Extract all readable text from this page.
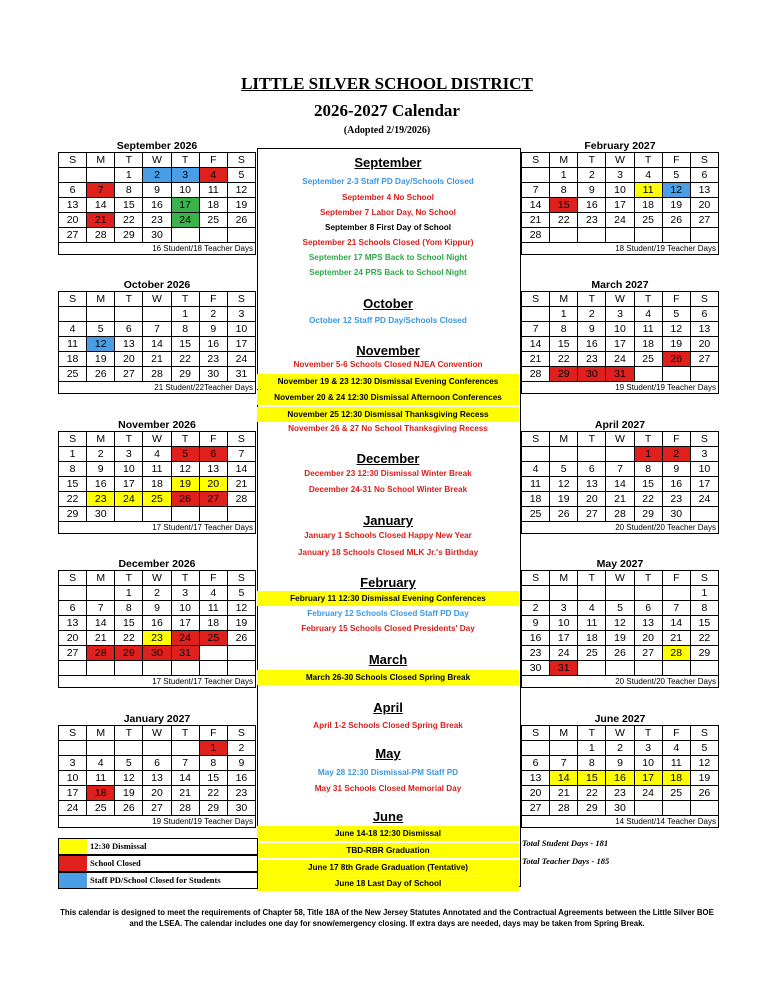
LITTLE SILVER SCHOOL DISTRICT
2026-2027 Calendar
(Adopted 2/19/2026)
September
September 2-3 Staff PD Day/Schools Closed
September 4 No School
September 7 Labor Day, No School
September 8 First Day of School
September 21 Schools Closed (Yom Kippur)
September 17 MPS Back to School Night
September 24 PRS Back to School Night
October
October 12 Staff PD Day/Schools Closed
November
November 5-6 Schools Closed NJEA Convention
November 19 & 23 12:30 Dismissal Evening Conferences
November 20 & 24 12:30 Dismissal Afternoon Conferences
November 25 12:30 Dismissal Thanksgiving Recess
November 26 & 27 No School Thanksgiving Recess
December
December 23 12:30 Dismissal Winter Break
December 24-31 No School Winter Break
January
January 1 Schools Closed Happy New Year
January 18 Schools Closed MLK Jr.'s Birthday
February
February 11 12:30 Dismissal Evening Conferences
February 12 Schools Closed Staff PD Day
February 15 Schools Closed Presidents' Day
March
March 26-30 Schools Closed Spring Break
April
April 1-2 Schools Closed Spring Break
May
May 28 12:30 Dismissal-PM Staff PD
May 31 Schools Closed Memorial Day
June
June 14-18 12:30 Dismissal
TBD-RBR Graduation
June 17 8th Grade Graduation (Tentative)
June 18 Last Day of School
September 2026
S	M	T	W	T	F	S
		1	2	3	4	5
6	7	8	9	10	11	12
13	14	15	16	17	18	19
20	21	22	23	24	25	26
27	28	29	30			
16 Student/18 Teacher Days
October 2026
S	M	T	W	T	F	S
				1	2	3
4	5	6	7	8	9	10
11	12	13	14	15	16	17
18	19	20	21	22	23	24
25	26	27	28	29	30	31
21 Student/22Teacher Days
November 2026
S	M	T	W	T	F	S
1	2	3	4	5	6	7
8	9	10	11	12	13	14
15	16	17	18	19	20	21
22	23	24	25	26	27	28
29	30					
17 Student/17 Teacher Days
December 2026
S	M	T	W	T	F	S
		1	2	3	4	5
6	7	8	9	10	11	12
13	14	15	16	17	18	19
20	21	22	23	24	25	26
27	28	29	30	31		

17 Student/17 Teacher Days
January 2027
S	M	T	W	T	F	S
					1	2
3	4	5	6	7	8	9
10	11	12	13	14	15	16
17	18	19	20	21	22	23
24	25	26	27	28	29	30
19 Student/19 Teacher Days
February 2027
S	M	T	W	T	F	S
	1	2	3	4	5	6
7	8	9	10	11	12	13
14	15	16	17	18	19	20
21	22	23	24	25	26	27
28						
18 Student/19 Teacher Days
March 2027
S	M	T	W	T	F	S
	1	2	3	4	5	6
7	8	9	10	11	12	13
14	15	16	17	18	19	20
21	22	23	24	25	26	27
28	29	30	31			
19 Student/19 Teacher Days
April 2027
S	M	T	W	T	F	S
				1	2	3
4	5	6	7	8	9	10
11	12	13	14	15	16	17
18	19	20	21	22	23	24
25	26	27	28	29	30	
20 Student/20 Teacher Days
May 2027
S	M	T	W	T	F	S
						1
2	3	4	5	6	7	8
9	10	11	12	13	14	15
16	17	18	19	20	21	22
23	24	25	26	27	28	29
30	31					
20 Student/20 Teacher Days
June 2027
S	M	T	W	T	F	S
		1	2	3	4	5
6	7	8	9	10	11	12
13	14	15	16	17	18	19
20	21	22	23	24	25	26
27	28	29	30			
14 Student/14 Teacher Days
12:30 Dismissal
School Closed
Staff PD/School Closed for Students
Total Student Days - 181
Total Teacher Days - 185
This calendar is designed to meet the requirements of Chapter 58, Title 18A of the New Jersey Statutes Annotated and the Contractual Agreements between the Little Silver BOE and the LSEA. The calendar includes one day for snow/emergency closing. If extra days are needed, days may be taken from Spring Break.
